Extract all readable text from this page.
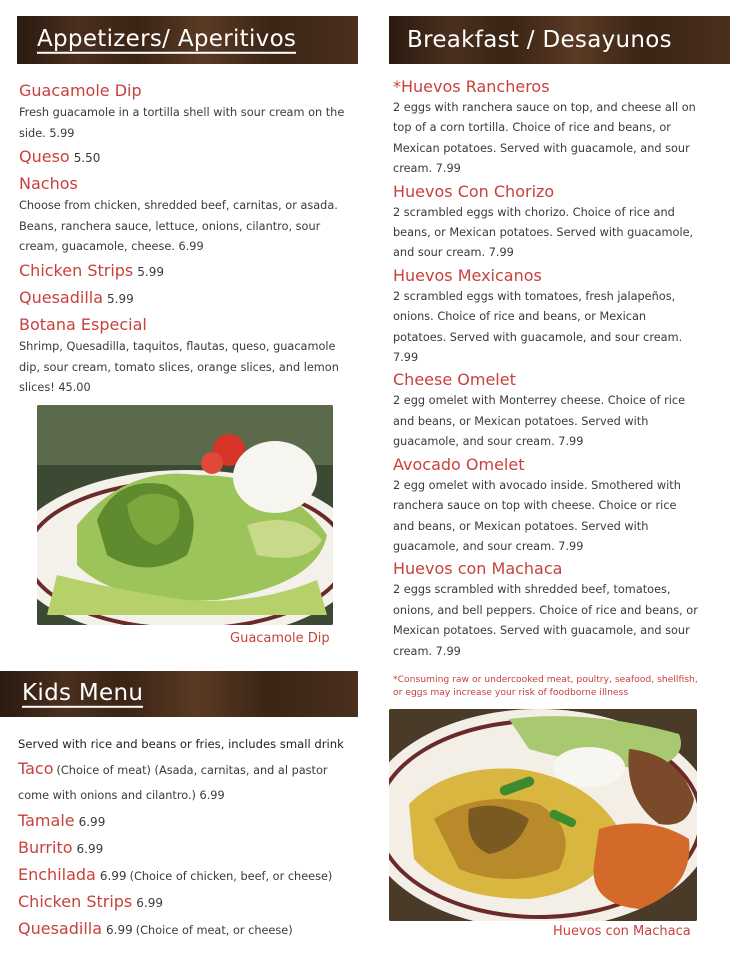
Appetizers/ Aperitivos	Breakfast / Desayunos
Kids Menu
Guacamole Dip
Fresh guacamole in a tortilla shell with sour cream on the side. 5.99
Queso 5.50
Nachos
Choose from chicken, shredded beef, carnitas, or asada. Beans, ranchera sauce, lettuce, onions, cilantro, sour cream, guacamole, cheese. 6.99
Chicken Strips 5.99
Quesadilla 5.99
Botana Especial
Shrimp, Quesadilla, taquitos, flautas, queso, guacamole dip, sour cream, tomato slices, orange slices, and lemon slices! 45.00
Guacamole Dip
*Huevos Rancheros
2 eggs with ranchera sauce on top, and cheese all on top of a corn tortilla. Choice of rice and beans, or Mexican potatoes. Served with guacamole, and sour cream. 7.99
Huevos Con Chorizo
2 scrambled eggs with chorizo. Choice of rice and beans, or Mexican potatoes. Served with guacamole, and sour cream. 7.99
Huevos Mexicanos
2 scrambled eggs with tomatoes, fresh jalapeños, onions. Choice of rice and beans, or Mexican potatoes. Served with guacamole, and sour cream. 7.99
Cheese Omelet
2 egg omelet with Monterrey cheese. Choice of rice and beans, or Mexican potatoes. Served with guacamole, and sour cream. 7.99
Avocado Omelet
2 egg omelet with avocado inside. Smothered with ranchera sauce on top with cheese. Choice or rice and beans, or Mexican potatoes. Served with guacamole, and sour cream. 7.99
Huevos con Machaca
2 eggs scrambled with shredded beef, tomatoes, onions, and bell peppers. Choice of rice and beans, or Mexican potatoes. Served with guacamole, and sour cream. 7.99
*Consuming raw or undercooked meat, poultry, seafood, shellfish, or eggs may increase your risk of foodborne illness
Huevos con Machaca
Served with rice and beans or fries, includes small drink
Taco (Choice of meat) (Asada, carnitas, and al pastor
come with onions and cilantro.) 6.99
Tamale 6.99
Burrito 6.99
Enchilada 6.99 (Choice of chicken, beef, or cheese)
Chicken Strips 6.99
Quesadilla 6.99 (Choice of meat, or cheese)
